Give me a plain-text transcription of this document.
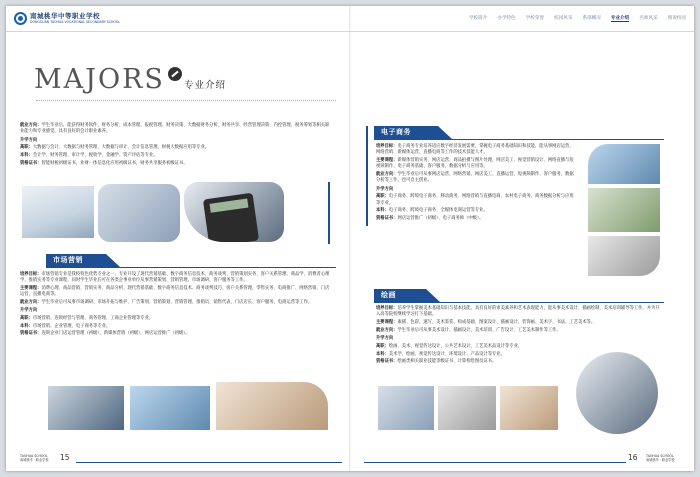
南城桃华中等职业学校
DONGGUAN TAOHUA VOCATIONAL SECONDARY SCHOOL
学校简介 办学特色 学校荣誉 校园风采 系部概况 专业介绍 名师风采 图说校园
MAJORS 专业介绍

就业方向：学生毕业后，能获得财务软件、财务分析、成本管理、报税管理、财务决策、大数据财务分析、财务共享、经营管理决策、内控管理、税务筹划等相关职业能力和专业感觉，具有良好的会计职业素养。

升学方向

高职：大数据与会计、大数据与财务管理、大数据与审计、会计信息管理、财税大数据应用等专业。

本科：会计学、财务管理、审计学、税收学、金融学、资产评估等专业。

资格证书：智能财税初级证书，业财一体信息化应用初级证书，财务共享服务初级证书。

市场营销

培养目标：市场营销专业是我校特色优势专业之一，专业开设了现代营销基础、数字商务信息技术、商务谈判、营销策划实务、客户关系管理、商品学、消费者心理学、推销实务等专业课程，同时学生毕业后可在各类企事业单位从事营销策划、营销管理、市场调研、客户服务等工作。

主要课程：消费心理、商品营销、营销实务、商品分析、现代营销基础、数字商务信息技术、商务谈判技巧、客户关系管理、零售实务、电商推广、网络营销、门店运营、直播电商等。

就业方向：学生毕业后可从事市场调研、市场开拓与维护、广告策划、营销策划、营销管理、推销员、销售代表、门店店长、客户服务、电商运营等工作。

升学方向

高职：市场营销、连锁经营与管理、商务管理、工商企业管理等专业。

本科：市场营销、企业管理、电子商务等专业。

资格证书：连锁企业门店运营管理（初级），新媒体营销（初级），网店运营推广（初级）。

TAOHUA SCHOOL
南城桃华 · 职业学校 15
电子商务

培养目标：电子商务专业培养适应数字经济发展需要，掌握电子商务基础知识和技能，能从事网店运营、网络营销、新媒体运营、直播电商等工作的技术技能人才。

主要课程：新媒体营销实务、网店运营、商品拍摄与图片处理、网店美工、视觉营销设计、网络直播与短视频制作、电子商务基础、客户服务、数据分析与应用等。

就业方向：学生毕业后可从事网店运营、网络营销、网店美工、直播运营、短视频制作、客户服务、数据分析等工作，也可自主创业。

升学方向

高职：电子商务、跨境电子商务、移动商务、网络营销与直播电商、农村电子商务、商务数据分析与应用等专业。

本科：电子商务、跨境电子商务、全媒体电商运营等专业。

资格证书：网店运营推广（初级）、电子商务师（中级）。

绘画

培养目标：培养学生掌握美术基础知识与基本技能，具有良好的审美素养和艺术表现能力，能从事美术设计、插画绘制、美术培训辅导等工作，并为升入高等院校继续学习打下基础。

主要课程：素描、色彩、速写、美术鉴赏、构成基础、图案设计、插画设计、装饰画、美术字、书法、工艺美术等。

就业方向：学生毕业后可从事美术设计、插画设计、美术培训、广告设计、工艺美术制作等工作。

升学方向

高职：绘画、美术、视觉传达设计、公共艺术设计、工艺美术品设计等专业。

本科：美术学、绘画、视觉传达设计、环境设计、产品设计等专业。

资格证书：绘画类相关职业技能等级证书、计算机绘图员证书。

16	TAOHUA SCHOOL
南城桃华 · 职业学校
